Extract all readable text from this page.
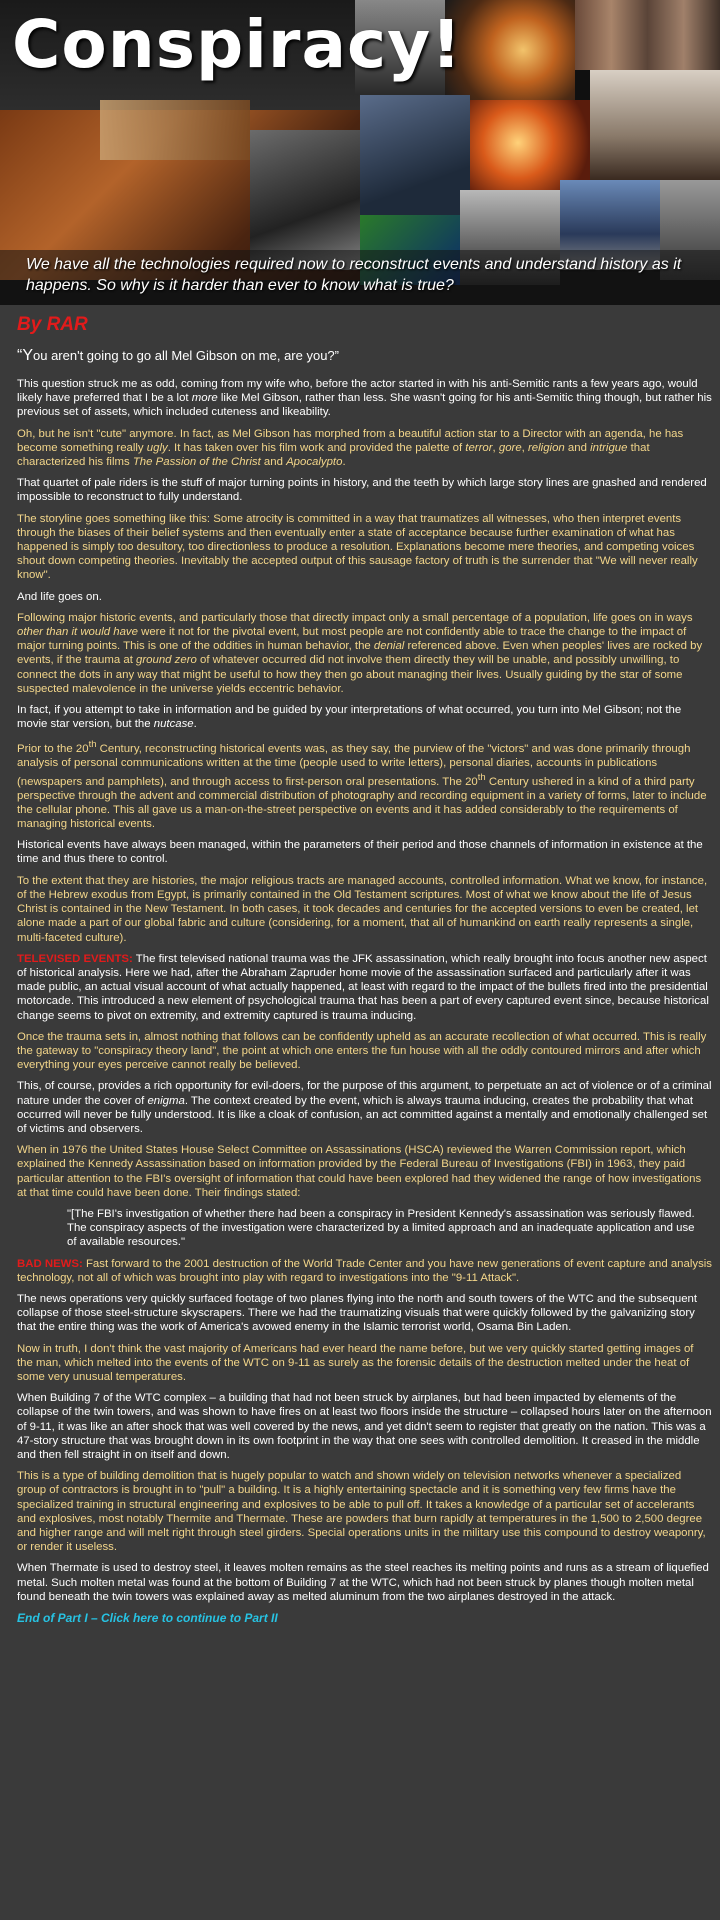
Conspiracy!

We have all the technologies required now to reconstruct events and understand history as it happens. So why is it harder than ever to know what is true?

By RAR
“You aren't going to go all Mel Gibson on me, are you?”

This question struck me as odd, coming from my wife who, before the actor started in with his anti-Semitic rants a few years ago, would likely have preferred that I be a lot more like Mel Gibson, rather than less. She wasn't going for his anti-Semitic thing though, but rather his previous set of assets, which included cuteness and likeability.

Oh, but he isn't "cute" anymore. In fact, as Mel Gibson has morphed from a beautiful action star to a Director with an agenda, he has become something really ugly. It has taken over his film work and provided the palette of terror, gore, religion and intrigue that characterized his films The Passion of the Christ and Apocalypto.

That quartet of pale riders is the stuff of major turning points in history, and the teeth by which large story lines are gnashed and rendered impossible to reconstruct to fully understand.

The storyline goes something like this: Some atrocity is committed in a way that traumatizes all witnesses, who then interpret events through the biases of their belief systems and then eventually enter a state of acceptance because further examination of what has happened is simply too desultory, too directionless to produce a resolution. Explanations become mere theories, and competing voices shout down competing theories. Inevitably the accepted output of this sausage factory of truth is the surrender that "We will never really know".

And life goes on.

Following major historic events, and particularly those that directly impact only a small percentage of a population, life goes on in ways other than it would have were it not for the pivotal event, but most people are not confidently able to trace the change to the impact of major turning points. This is one of the oddities in human behavior, the denial referenced above. Even when peoples' lives are rocked by events, if the trauma at ground zero of whatever occurred did not involve them directly they will be unable, and possibly unwilling, to connect the dots in any way that might be useful to how they then go about managing their lives. Usually guiding by the star of some suspected malevolence in the universe yields eccentric behavior.

In fact, if you attempt to take in information and be guided by your interpretations of what occurred, you turn into Mel Gibson; not the movie star version, but the nutcase.

Prior to the 20th Century, reconstructing historical events was, as they say, the purview of the "victors" and was done primarily through analysis of personal communications written at the time (people used to write letters), personal diaries, accounts in publications (newspapers and pamphlets), and through access to first-person oral presentations. The 20th Century ushered in a kind of a third party perspective through the advent and commercial distribution of photography and recording equipment in a variety of forms, later to include the cellular phone. This all gave us a man-on-the-street perspective on events and it has added considerably to the requirements of managing historical events.

Historical events have always been managed, within the parameters of their period and those channels of information in existence at the time and thus there to control.

To the extent that they are histories, the major religious tracts are managed accounts, controlled information. What we know, for instance, of the Hebrew exodus from Egypt, is primarily contained in the Old Testament scriptures. Most of what we know about the life of Jesus Christ is contained in the New Testament. In both cases, it took decades and centuries for the accepted versions to even be created, let alone made a part of our global fabric and culture (considering, for a moment, that all of humankind on earth really represents a single, multi-faceted culture).

TELEVISED EVENTS: The first televised national trauma was the JFK assassination, which really brought into focus another new aspect of historical analysis. Here we had, after the Abraham Zapruder home movie of the assassination surfaced and particularly after it was made public, an actual visual account of what actually happened, at least with regard to the impact of the bullets fired into the presidential motorcade. This introduced a new element of psychological trauma that has been a part of every captured event since, because historical change seems to pivot on extremity, and extremity captured is trauma inducing.

Once the trauma sets in, almost nothing that follows can be confidently upheld as an accurate recollection of what occurred. This is really the gateway to "conspiracy theory land", the point at which one enters the fun house with all the oddly contoured mirrors and after which everything your eyes perceive cannot really be believed.

This, of course, provides a rich opportunity for evil-doers, for the purpose of this argument, to perpetuate an act of violence or of a criminal nature under the cover of enigma. The context created by the event, which is always trauma inducing, creates the probability that what occurred will never be fully understood. It is like a cloak of confusion, an act committed against a mentally and emotionally challenged set of victims and observers.

When in 1976 the United States House Select Committee on Assassinations (HSCA) reviewed the Warren Commission report, which explained the Kennedy Assassination based on information provided by the Federal Bureau of Investigations (FBI) in 1963, they paid particular attention to the FBI's oversight of information that could have been explored had they widened the range of how investigations at that time could have been done. Their findings stated:

"[The FBI's investigation of whether there had been a conspiracy in President Kennedy's assassination was seriously flawed. The conspiracy aspects of the investigation were characterized by a limited approach and an inadequate application and use of available resources."

BAD NEWS: Fast forward to the 2001 destruction of the World Trade Center and you have new generations of event capture and analysis technology, not all of which was brought into play with regard to investigations into the "9-11 Attack".

The news operations very quickly surfaced footage of two planes flying into the north and south towers of the WTC and the subsequent collapse of those steel-structure skyscrapers. There we had the traumatizing visuals that were quickly followed by the galvanizing story that the entire thing was the work of America's avowed enemy in the Islamic terrorist world, Osama Bin Laden.

Now in truth, I don't think the vast majority of Americans had ever heard the name before, but we very quickly started getting images of the man, which melted into the events of the WTC on 9-11 as surely as the forensic details of the destruction melted under the heat of some very unusual temperatures.

When Building 7 of the WTC complex – a building that had not been struck by airplanes, but had been impacted by elements of the collapse of the twin towers, and was shown to have fires on at least two floors inside the structure – collapsed hours later on the afternoon of 9-11, it was like an after shock that was well covered by the news, and yet didn't seem to register that greatly on the nation. This was a 47-story structure that was brought down in its own footprint in the way that one sees with controlled demolition. It creased in the middle and then fell straight in on itself and down.

This is a type of building demolition that is hugely popular to watch and shown widely on television networks whenever a specialized group of contractors is brought in to "pull" a building. It is a highly entertaining spectacle and it is something very few firms have the specialized training in structural engineering and explosives to be able to pull off. It takes a knowledge of a particular set of accelerants and explosives, most notably Thermite and Thermate. These are powders that burn rapidly at temperatures in the 1,500 to 2,500 degree and higher range and will melt right through steel girders. Special operations units in the military use this compound to destroy weaponry, or render it useless.

When Thermate is used to destroy steel, it leaves molten remains as the steel reaches its melting points and runs as a stream of liquefied metal. Such molten metal was found at the bottom of Building 7 at the WTC, which had not been struck by planes though molten metal found beneath the twin towers was explained away as melted aluminum from the two airplanes destroyed in the attack.

End of Part I – Click here to continue to Part II
